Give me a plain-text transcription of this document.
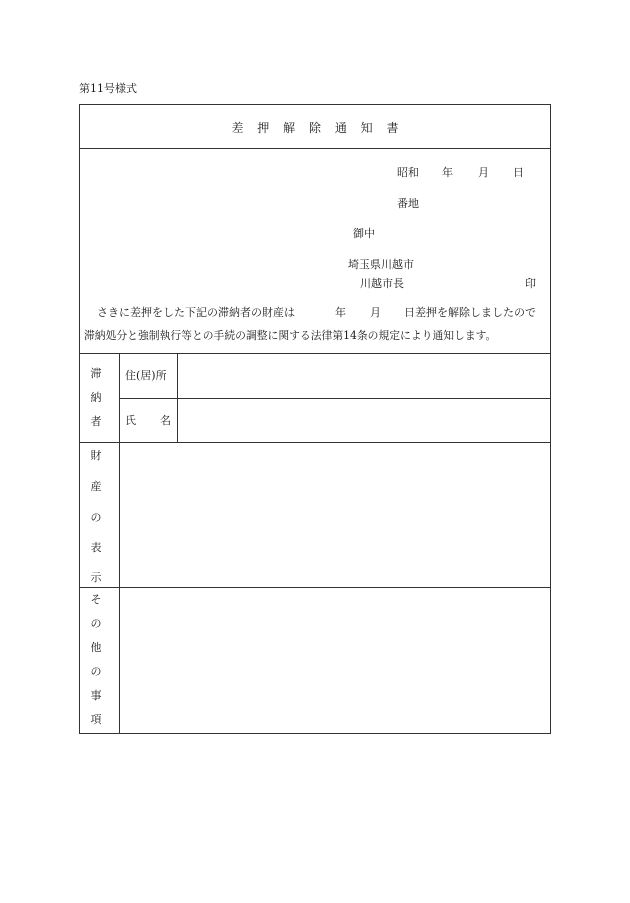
第11号様式
差 押 解 除 通 知 書
昭和 年 月 日
番地
御中
埼玉県川越市
川越市長	印
さきに差押をした下記の滞納者の財産は	年 月 日差押を解除しましたので
滞納処分と強制執行等との手続の調整に関する法律第14条の規定により通知します。
滞
納
者
住(居)所
氏 名
財
産
の
表
示
そ
の
他
の
事
項
